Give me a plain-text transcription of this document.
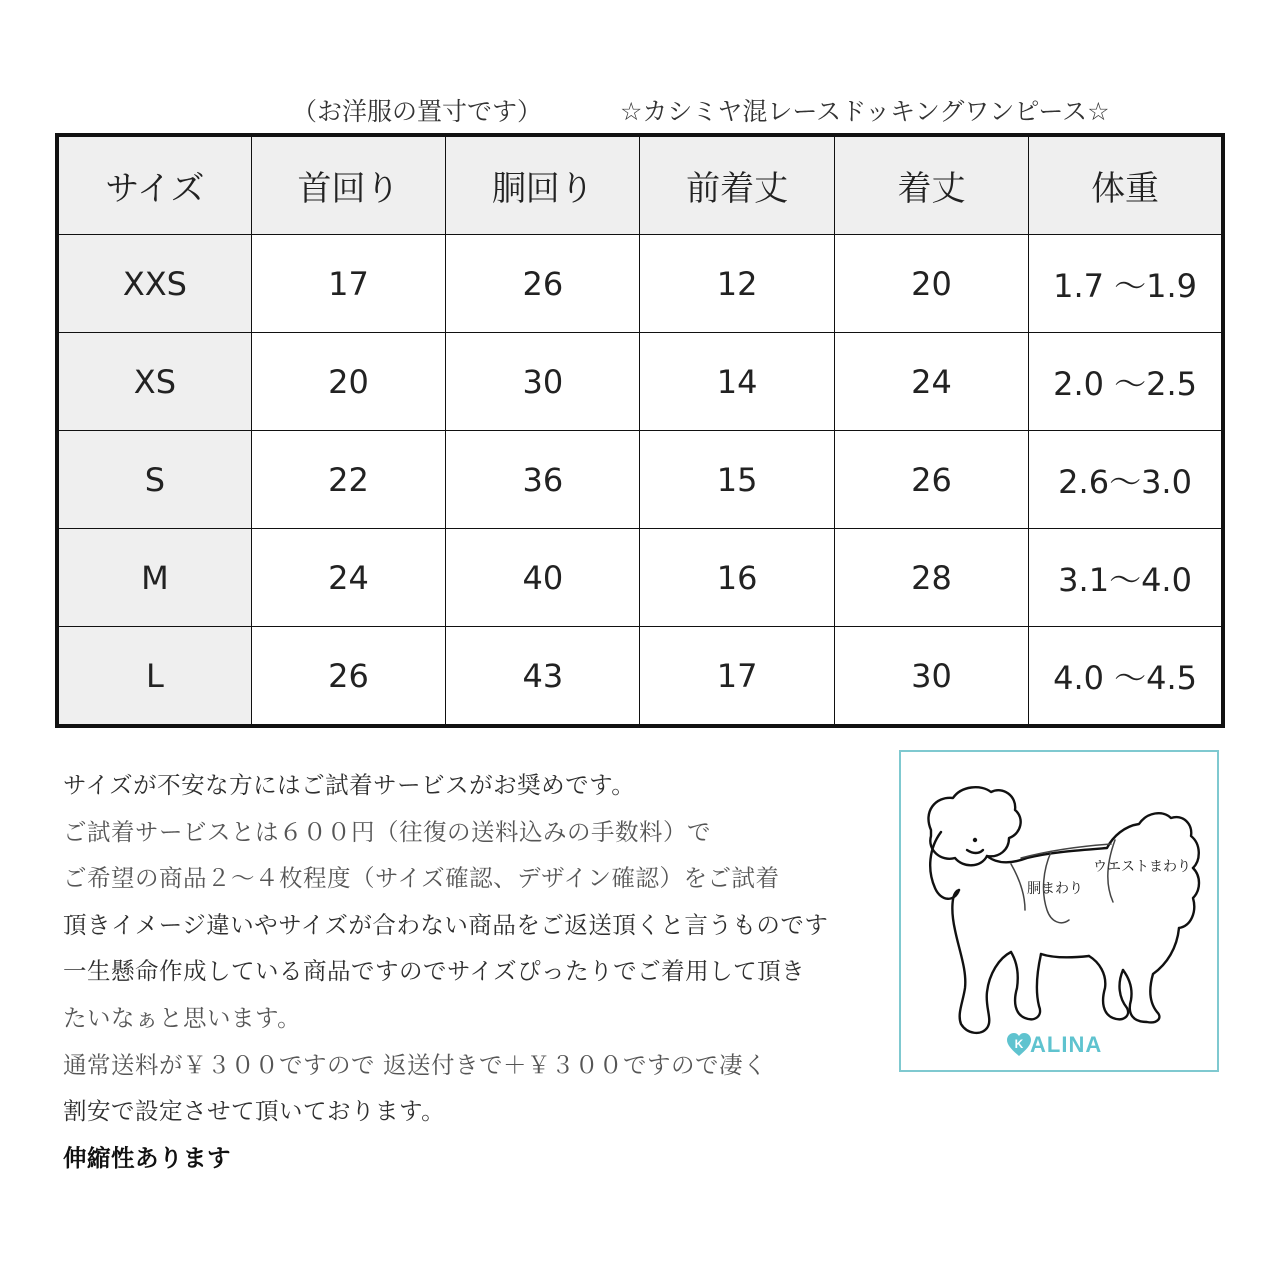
（お洋服の置寸です）	☆カシミヤ混レースドッキングワンピース☆
サイズ	首回り	胴回り	前着丈	着丈	体重
XXS	17	26	12	20	1.7 ～1.9
XS	20	30	14	24	2.0 ～2.5
S	22	36	15	26	2.6～3.0
M	24	40	16	28	3.1～4.0
L	26	43	17	30	4.0 ～4.5
サイズが不安な方にはご試着サービスがお奨めです。
ご試着サービスとは６００円（往復の送料込みの手数料）で
ご希望の商品２～４枚程度（サイズ確認、デザイン確認）をご試着
頂きイメージ違いやサイズが合わない商品をご返送頂くと言うものです
一生懸命作成している商品ですのでサイズぴったりでご着用して頂き
たいなぁと思います。
通常送料が￥３００ですので 返送付きで＋￥３００ですので凄く
割安で設定させて頂いております。
伸縮性あります
ウエストまわり
胴まわり
K ALINA
